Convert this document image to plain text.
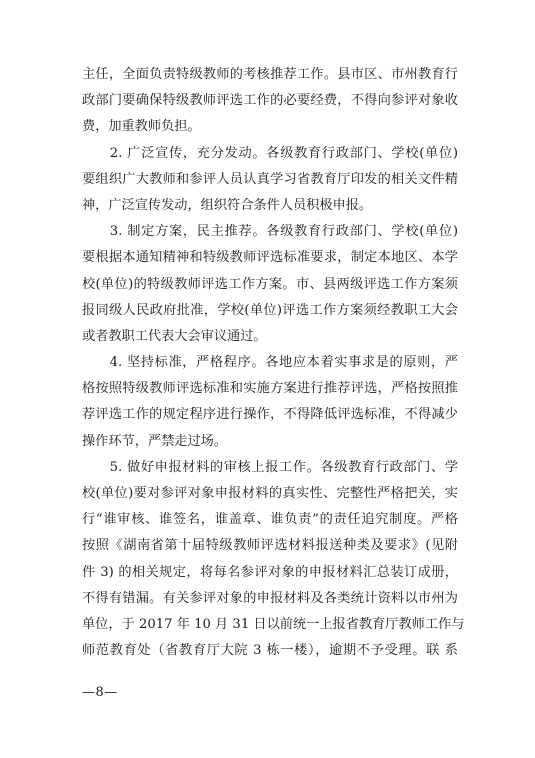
主任，全面负责特级教师的考核推荐工作。县市区、市州教育行
政部门要确保特级教师评选工作的必要经费，不得向参评对象收
费，加重教师负担。
　　2. 广泛宣传，充分发动。各级教育行政部门、学校(单位)
要组织广大教师和参评人员认真学习省教育厅印发的相关文件精
神，广泛宣传发动，组织符合条件人员积极申报。
　　3. 制定方案，民主推荐。各级教育行政部门、学校(单位)
要根据本通知精神和特级教师评选标准要求，制定本地区、本学
校(单位)的特级教师评选工作方案。市、县两级评选工作方案须
报同级人民政府批准，学校(单位)评选工作方案须经教职工大会
或者教职工代表大会审议通过。
　　4. 坚持标准，严格程序。各地应本着实事求是的原则，严
格按照特级教师评选标准和实施方案进行推荐评选，严格按照推
荐评选工作的规定程序进行操作，不得降低评选标准，不得减少
操作环节，严禁走过场。
　　5. 做好申报材料的审核上报工作。各级教育行政部门、学
校(单位)要对参评对象申报材料的真实性、完整性严格把关，实
行“谁审核、谁签名，谁盖章、谁负责”的责任追究制度。严格
按照《湖南省第十届特级教师评选材料报送种类及要求》(见附
件 3) 的相关规定，将每名参评对象的申报材料汇总装订成册，
不得有错漏。有关参评对象的申报材料及各类统计资料以市州为
单位，于 2017 年 10 月 31 日以前统一上报省教育厅教师工作与
师范教育处（省教育厅大院 3 栋一楼），逾期不予受理。联 系
—8—
